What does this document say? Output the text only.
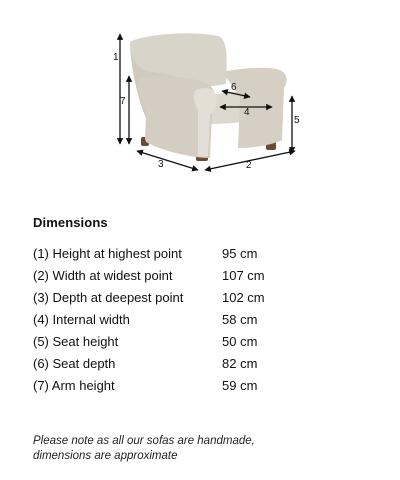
1
2
3
4
5
6
7
Dimensions
(1) Height at highest point	95 cm
(2) Width at widest point	107 cm
(3) Depth at deepest point	102 cm
(4) Internal width	58 cm
(5) Seat height	50 cm
(6) Seat depth	82 cm
(7) Arm height	59 cm
Please note as all our sofas are handmade,
dimensions are approximate
